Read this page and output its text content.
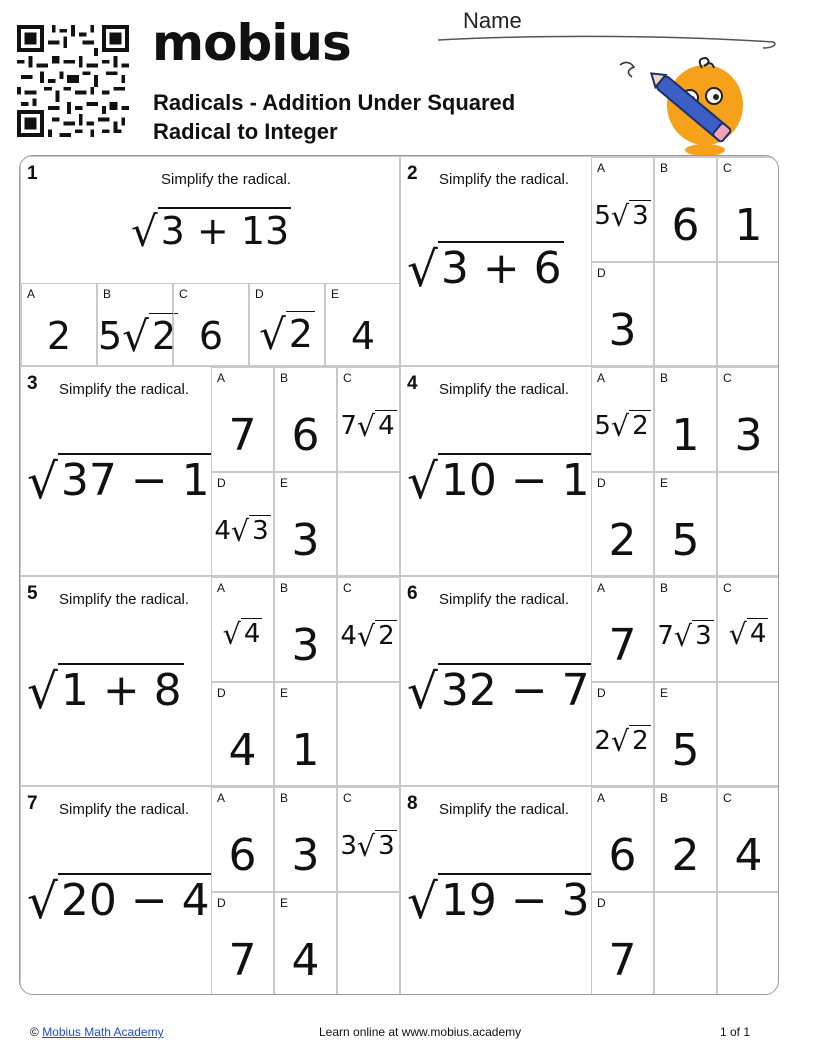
mobius
Radicals - Addition Under Squared
Radical to Integer
Name
1	Simplify the radical.
√ 3 + 13
A
2
B
5 √ 2
C
6
D
√ 2
E
4
2 Simplify the radical.
√ 3 + 6
A
5 √ 3
B
6
C
1
D
3
3 Simplify the radical.
√ 37 − 1
A
7
B
6
C
7 √ 4
D
4 √ 3
E
3
4 Simplify the radical.
√ 10 − 1
A
5 √ 2
B
1
C
3
D
2
E
5
5 Simplify the radical.
√ 1 + 8
A
√ 4
B
3
C
4 √ 2
D
4
E
1
6 Simplify the radical.
√ 32 − 7
A
7
B
7 √ 3
C
√ 4
D
2 √ 2
E
5
7 Simplify the radical.
√ 20 − 4
A
6
B
3
C
3 √ 3
D
7
E
4
8 Simplify the radical.
√ 19 − 3
A
6
B
2
C
4
D
7
© Mobius Math Academy	Learn online at www.mobius.academy	1 of 1
